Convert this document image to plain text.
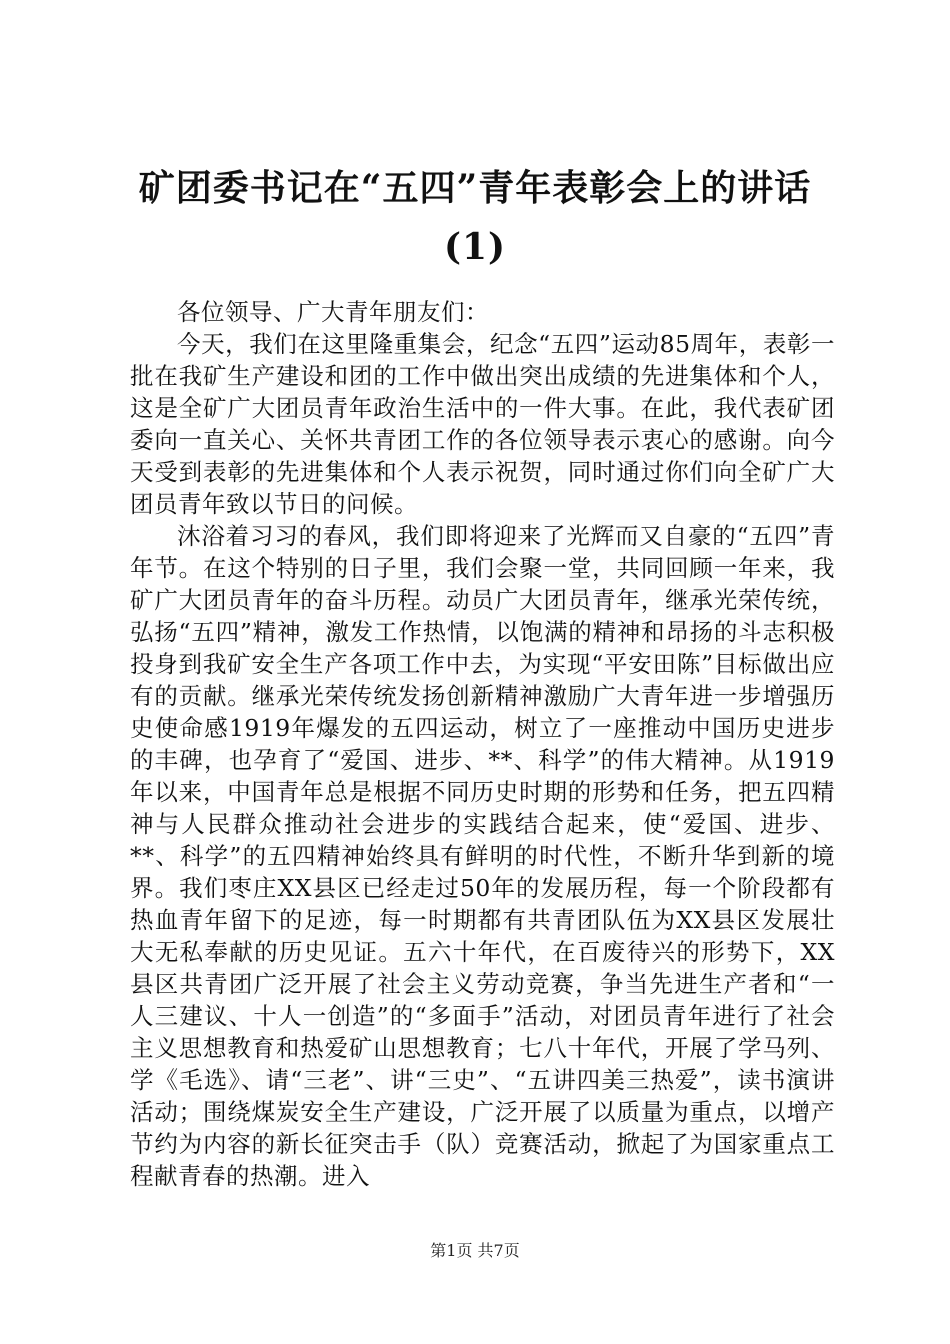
矿团委书记在“五四”青年表彰会上的讲话
(1)

各位领导、广大青年朋友们：

今天，我们在这里隆重集会，纪念“五四”运动85周年，表彰一批在我矿生产建设和团的工作中做出突出成绩的先进集体和个人，这是全矿广大团员青年政治生活中的一件大事。在此，我代表矿团委向一直关心、关怀共青团工作的各位领导表示衷心的感谢。向今天受到表彰的先进集体和个人表示祝贺，同时通过你们向全矿广大团员青年致以节日的问候。

沐浴着习习的春风，我们即将迎来了光辉而又自豪的“五四”青年节。在这个特别的日子里，我们会聚一堂，共同回顾一年来，我矿广大团员青年的奋斗历程。动员广大团员青年，继承光荣传统，弘扬“五四”精神，激发工作热情，以饱满的精神和昂扬的斗志积极投身到我矿安全生产各项工作中去，为实现“平安田陈”目标做出应有的贡献。继承光荣传统发扬创新精神激励广大青年进一步增强历史使命感1919年爆发的五四运动，树立了一座推动中国历史进步的丰碑，也孕育了“爱国、进步、**、科学”的伟大精神。从1919年以来，中国青年总是根据不同历史时期的形势和任务，把五四精神与人民群众推动社会进步的实践结合起来，使“爱国、进步、**、科学”的五四精神始终具有鲜明的时代性，不断升华到新的境界。我们枣庄XX县区已经走过50年的发展历程，每一个阶段都有热血青年留下的足迹，每一时期都有共青团队伍为XX县区发展壮大无私奉献的历史见证。五六十年代，在百废待兴的形势下，XX县区共青团广泛开展了社会主义劳动竞赛，争当先进生产者和“一人三建议、十人一创造”的“多面手”活动，对团员青年进行了社会主义思想教育和热爱矿山思想教育；七八十年代，开展了学马列、学《毛选》、请“三老”、讲“三史”、“五讲四美三热爱”，读书演讲活动；围绕煤炭安全生产建设，广泛开展了以质量为重点，以增产节约为内容的新长征突击手（队）竞赛活动，掀起了为国家重点工程献青春的热潮。进入

第1页 共7页
